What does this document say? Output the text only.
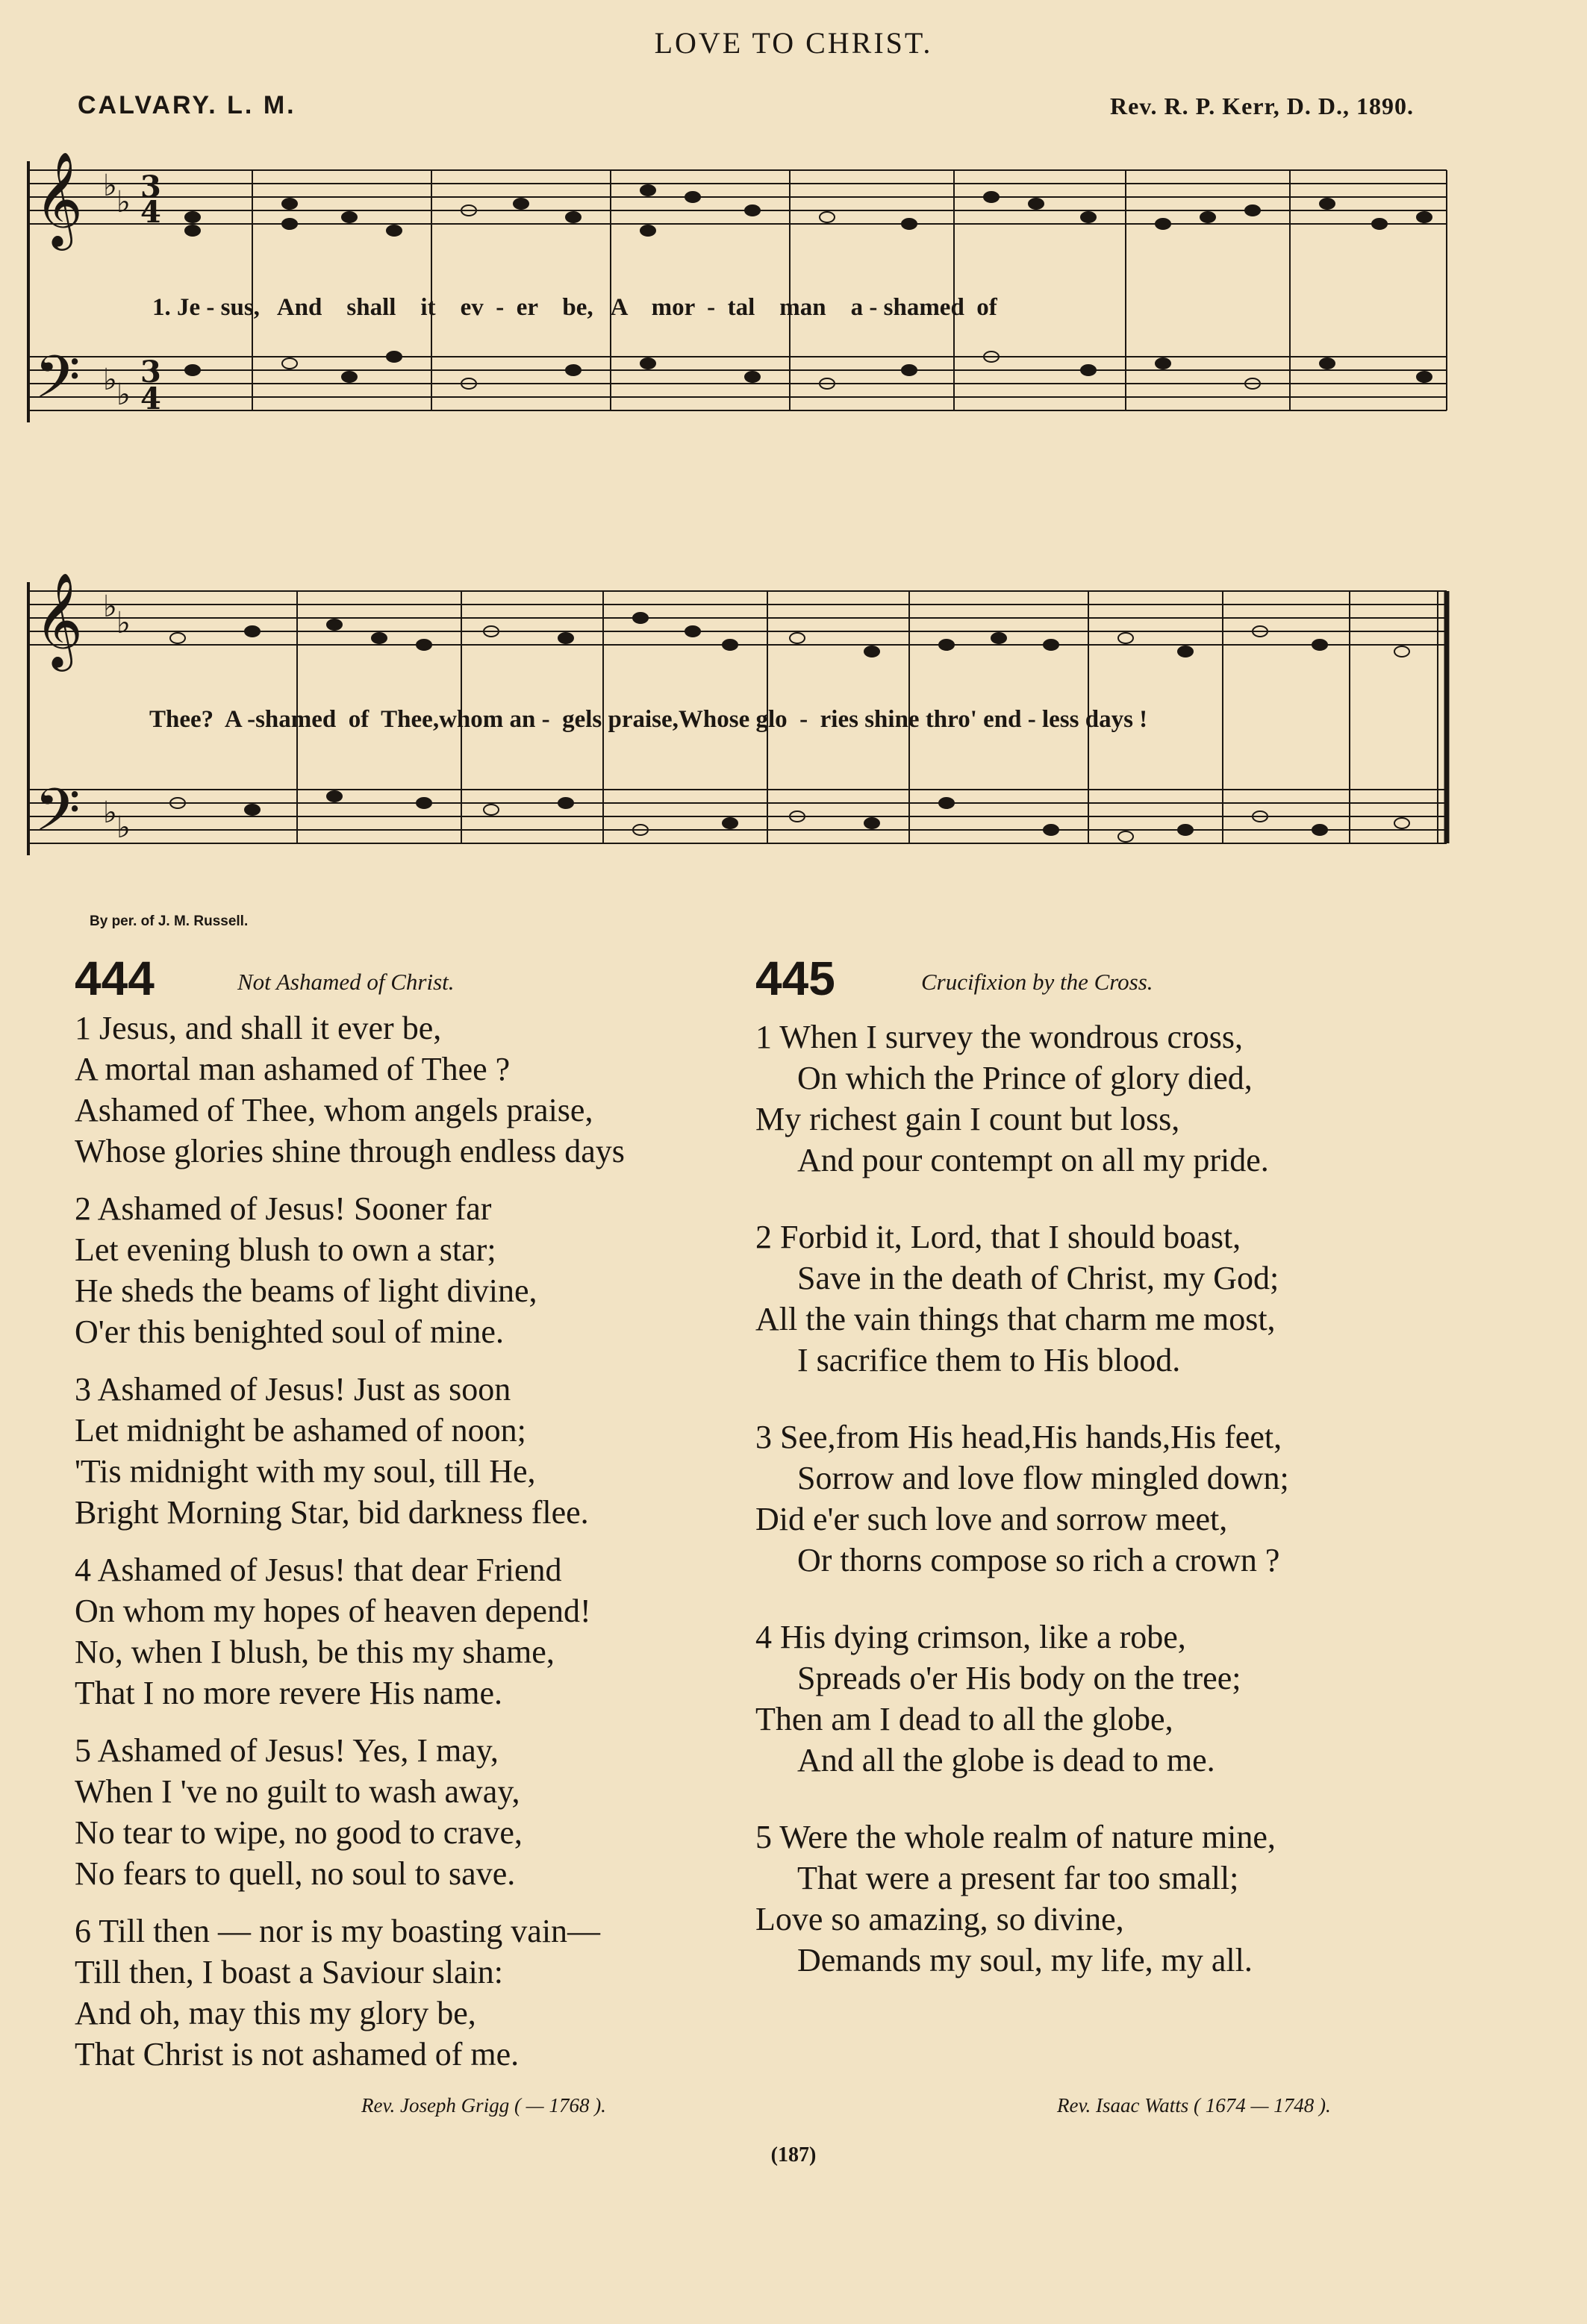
LOVE TO CHRIST.
CALVARY. L. M.	Rev. R. P. Kerr, D. D., 1890.
𝄞
𝄢
♭ ♭
♭ ♭
3
4
3
4
1. Je - sus,   And    shall    it    ev  -  er    be,   A    mor  -  tal    man    a - shamed  of
𝄞
𝄢
♭ ♭
♭ ♭
Thee?  A -shamed  of  Thee,whom an -  gels praise,Whose glo  -  ries shine thro' end - less days !
By per. of J. M. Russell.
444	Not Ashamed of Christ.
1 Jesus, and shall it ever be,
A mortal man ashamed of Thee ?
Ashamed of Thee, whom angels praise,
Whose glories shine through endless days
2 Ashamed of Jesus! Sooner far
Let evening blush to own a star;
He sheds the beams of light divine,
O'er this benighted soul of mine.
3 Ashamed of Jesus! Just as soon
Let midnight be ashamed of noon;
'Tis midnight with my soul, till He,
Bright Morning Star, bid darkness flee.
4 Ashamed of Jesus! that dear Friend
On whom my hopes of heaven depend!
No, when I blush, be this my shame,
That I no more revere His name.
5 Ashamed of Jesus! Yes, I may,
When I 've no guilt to wash away,
No tear to wipe, no good to crave,
No fears to quell, no soul to save.
6 Till then — nor is my boasting vain—
Till then, I boast a Saviour slain:
And oh, may this my glory be,
That Christ is not ashamed of me.
Rev. Joseph Grigg ( — 1768 ).
445	Crucifixion by the Cross.
1 When I survey the wondrous cross,
On which the Prince of glory died,
My richest gain I count but loss,
And pour contempt on all my pride.
2 Forbid it, Lord, that I should boast,
Save in the death of Christ, my God;
All the vain things that charm me most,
I sacrifice them to His blood.
3 See,from His head,His hands,His feet,
Sorrow and love flow mingled down;
Did e'er such love and sorrow meet,
Or thorns compose so rich a crown ?
4 His dying crimson, like a robe,
Spreads o'er His body on the tree;
Then am I dead to all the globe,
And all the globe is dead to me.
5 Were the whole realm of nature mine,
That were a present far too small;
Love so amazing, so divine,
Demands my soul, my life, my all.
Rev. Isaac Watts ( 1674 — 1748 ).
(187)
